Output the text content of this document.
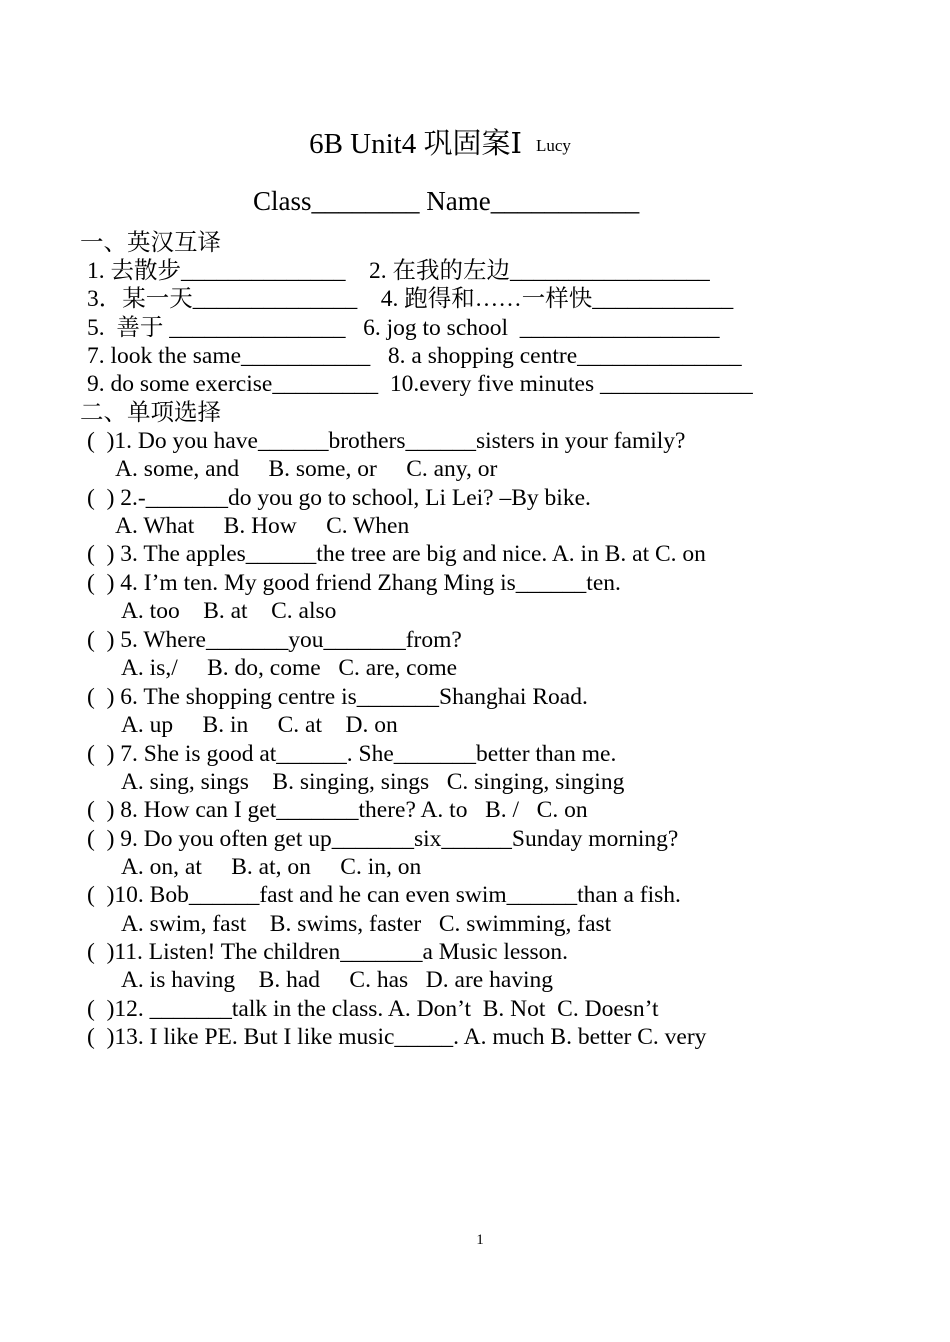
6B Unit4 巩固案Ⅰ Lucy
Class________ Name___________
一、英汉互译
1. 去散步______________    2. 在我的左边_________________
3．某一天______________    4. 跑得和……一样快____________
5.  善于 _______________   6. jog to school  _________________
7. look the same___________   8. a shopping centre______________
9. do some exercise_________  10.every five minutes _____________
二、单项选择
(  )1. Do you have______brothers______sisters in your family?
A. some, and     B. some, or     C. any, or
(  ) 2.-_______do you go to school, Li Lei? –By bike.
A. What     B. How     C. When
(  ) 3. The apples______the tree are big and nice. A. in B. at C. on
(  ) 4. I’m ten. My good friend Zhang Ming is______ten.
A. too    B. at    C. also
(  ) 5. Where_______you_______from?
A. is,/     B. do, come   C. are, come
(  ) 6. The shopping centre is_______Shanghai Road.
A. up     B. in     C. at    D. on
(  ) 7. She is good at______. She_______better than me.
A. sing, sings    B. singing, sings   C. singing, singing
(  ) 8. How can I get_______there? A. to   B. /   C. on
(  ) 9. Do you often get up_______six______Sunday morning?
A. on, at     B. at, on     C. in, on
(  )10. Bob______fast and he can even swim______than a fish.
A. swim, fast    B. swims, faster   C. swimming, fast
(  )11. Listen! The children_______a Music lesson.
A. is having    B. had     C. has   D. are having
(  )12. _______talk in the class. A. Don’t  B. Not  C. Doesn’t
(  )13. I like PE. But I like music_____. A. much B. better C. very
1
